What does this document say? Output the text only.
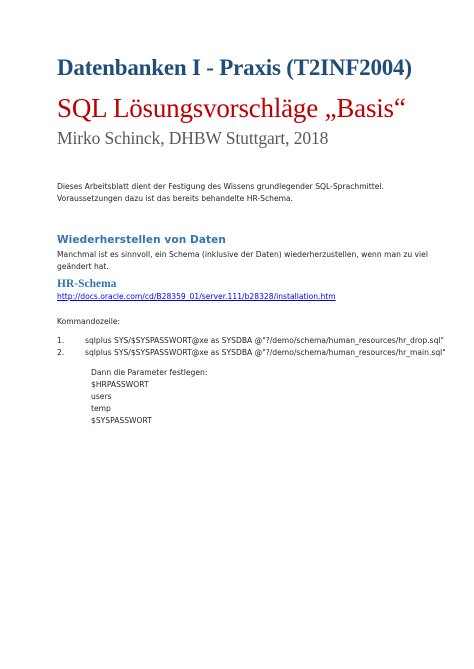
Datenbanken I - Praxis (T2INF2004)
SQL Lösungsvorschläge „Basis“
Mirko Schinck, DHBW Stuttgart, 2018
Dieses Arbeitsblatt dient der Festigung des Wissens grundlegender SQL-Sprachmittel.
Voraussetzungen dazu ist das bereits behandelte HR-Schema.
Wiederherstellen von Daten
Manchmal ist es sinnvoll, ein Schema (inklusive der Daten) wiederherzustellen, wenn man zu viel
geändert hat.
HR-Schema
http://docs.oracle.com/cd/B28359_01/server.111/b28328/installation.htm
Kommandozeile:
1.	sqlplus SYS/$SYSPASSWORT@xe as SYSDBA @"?/demo/schema/human_resources/hr_drop.sql"
2.	sqlplus SYS/$SYSPASSWORT@xe as SYSDBA @"?/demo/schema/human_resources/hr_main.sql"
Dann die Parameter festlegen:
$HRPASSWORT
users
temp
$SYSPASSWORT
